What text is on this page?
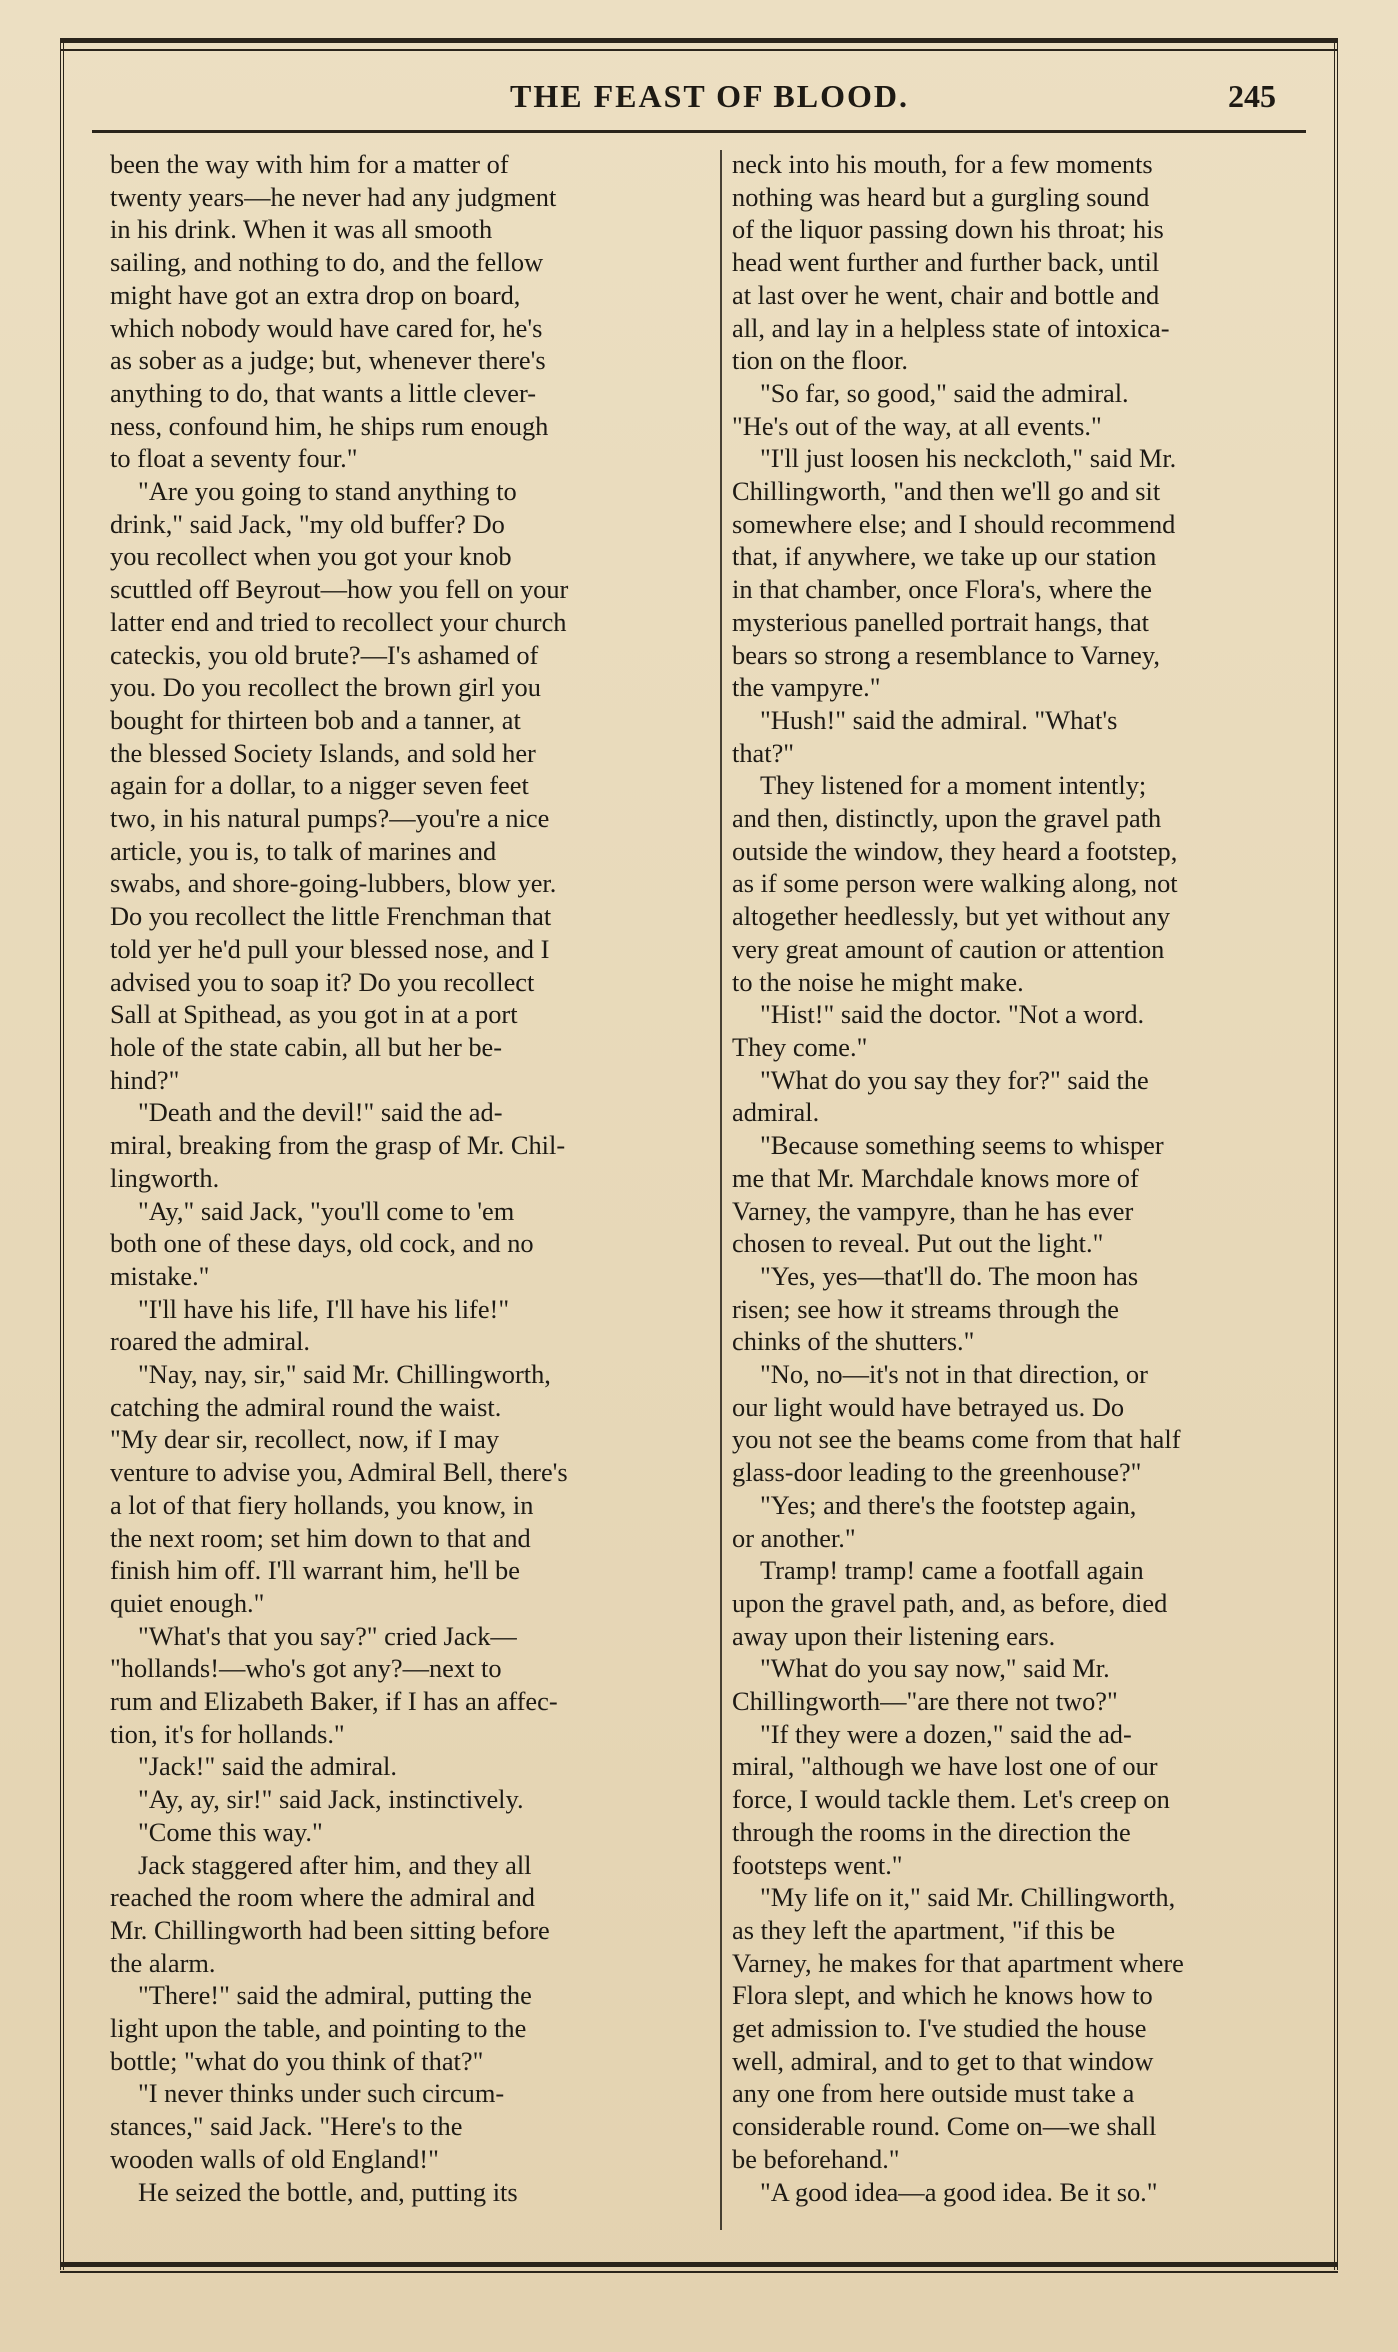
THE FEAST OF BLOOD.	245

been the way with him for a matter of
twenty years—he never had any judgment
in his drink. When it was all smooth
sailing, and nothing to do, and the fellow
might have got an extra drop on board,
which nobody would have cared for, he's
as sober as a judge; but, whenever there's
anything to do, that wants a little clever-
ness, confound him, he ships rum enough
to float a seventy four."

"Are you going to stand anything to
drink," said Jack, "my old buffer? Do
you recollect when you got your knob
scuttled off Beyrout—how you fell on your
latter end and tried to recollect your church
cateckis, you old brute?—I's ashamed of
you. Do you recollect the brown girl you
bought for thirteen bob and a tanner, at
the blessed Society Islands, and sold her
again for a dollar, to a nigger seven feet
two, in his natural pumps?—you're a nice
article, you is, to talk of marines and
swabs, and shore-going-lubbers, blow yer.
Do you recollect the little Frenchman that
told yer he'd pull your blessed nose, and I
advised you to soap it? Do you recollect
Sall at Spithead, as you got in at a port
hole of the state cabin, all but her be-
hind?"

"Death and the devil!" said the ad-
miral, breaking from the grasp of Mr. Chil-
lingworth.

"Ay," said Jack, "you'll come to 'em
both one of these days, old cock, and no
mistake."

"I'll have his life, I'll have his life!"
roared the admiral.

"Nay, nay, sir," said Mr. Chillingworth,
catching the admiral round the waist.
"My dear sir, recollect, now, if I may
venture to advise you, Admiral Bell, there's
a lot of that fiery hollands, you know, in
the next room; set him down to that and
finish him off. I'll warrant him, he'll be
quiet enough."

"What's that you say?" cried Jack—
"hollands!—who's got any?—next to
rum and Elizabeth Baker, if I has an affec-
tion, it's for hollands."

"Jack!" said the admiral.

"Ay, ay, sir!" said Jack, instinctively.

"Come this way."

Jack staggered after him, and they all
reached the room where the admiral and
Mr. Chillingworth had been sitting before
the alarm.

"There!" said the admiral, putting the
light upon the table, and pointing to the
bottle; "what do you think of that?"

"I never thinks under such circum-
stances," said Jack. "Here's to the
wooden walls of old England!"

He seized the bottle, and, putting its

neck into his mouth, for a few moments
nothing was heard but a gurgling sound
of the liquor passing down his throat; his
head went further and further back, until
at last over he went, chair and bottle and
all, and lay in a helpless state of intoxica-
tion on the floor.

"So far, so good," said the admiral.
"He's out of the way, at all events."

"I'll just loosen his neckcloth," said Mr.
Chillingworth, "and then we'll go and sit
somewhere else; and I should recommend
that, if anywhere, we take up our station
in that chamber, once Flora's, where the
mysterious panelled portrait hangs, that
bears so strong a resemblance to Varney,
the vampyre."

"Hush!" said the admiral. "What's
that?"

They listened for a moment intently;
and then, distinctly, upon the gravel path
outside the window, they heard a footstep,
as if some person were walking along, not
altogether heedlessly, but yet without any
very great amount of caution or attention
to the noise he might make.

"Hist!" said the doctor. "Not a word.
They come."

"What do you say they for?" said the
admiral.

"Because something seems to whisper
me that Mr. Marchdale knows more of
Varney, the vampyre, than he has ever
chosen to reveal. Put out the light."

"Yes, yes—that'll do. The moon has
risen; see how it streams through the
chinks of the shutters."

"No, no—it's not in that direction, or
our light would have betrayed us. Do
you not see the beams come from that half
glass-door leading to the greenhouse?"

"Yes; and there's the footstep again,
or another."

Tramp! tramp! came a footfall again
upon the gravel path, and, as before, died
away upon their listening ears.

"What do you say now," said Mr.
Chillingworth—"are there not two?"

"If they were a dozen," said the ad-
miral, "although we have lost one of our
force, I would tackle them. Let's creep on
through the rooms in the direction the
footsteps went."

"My life on it," said Mr. Chillingworth,
as they left the apartment, "if this be
Varney, he makes for that apartment where
Flora slept, and which he knows how to
get admission to. I've studied the house
well, admiral, and to get to that window
any one from here outside must take a
considerable round. Come on—we shall
be beforehand."

"A good idea—a good idea. Be it so."
